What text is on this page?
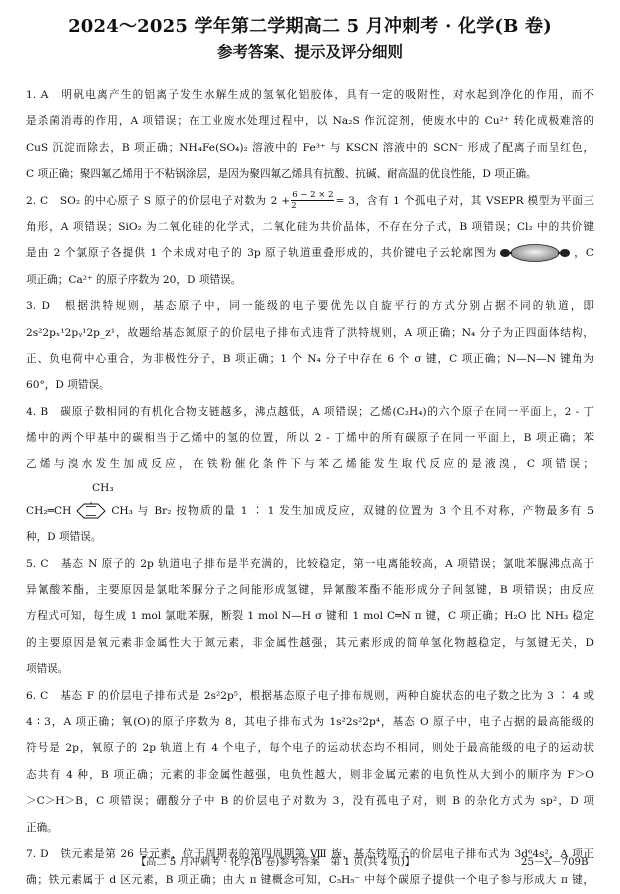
2024～2025 学年第二学期高二 5 月冲刺考 · 化学(B 卷)
参考答案、提示及评分细则
1. A　明矾电离产生的铝离子发生水解生成的氢氧化铝胶体，具有一定的吸附性，对水起到净化的作用，而不
是杀菌消毒的作用，A 项错误；在工业废水处理过程中，以 Na₂S 作沉淀剂，使废水中的 Cu²⁺ 转化成极难溶的
CuS 沉淀而除去，B 项正确；NH₄Fe(SO₄)₂ 溶液中的 Fe³⁺ 与 KSCN 溶液中的 SCN⁻ 形成了配离子而呈红色，
C 项正确；聚四氟乙烯用于不粘锅涂层，是因为聚四氟乙烯具有抗酸、抗碱、耐高温的优良性能，D 项正确。
2. C　SO₂ 的中心原子 S 原子的价层电子对数为 $2 + \frac{6 - 2 \times 2}{2} = 3$，含有 1 个孤电子对，其 VSEPR 模型为平面三
角形，A 项错误；SiO₂ 为二氧化硅的化学式，二氧化硅为共价晶体，不存在分子式，B 项错误；Cl₂ 中的共价键
是由 2 个氯原子各提供 1 个未成对电子的 3p 原子轨道重叠形成的，共价键电子云轮廓图为	，C
项正确；Ca²⁺ 的原子序数为 20，D 项错误。
3. D　根据洪特规则，基态原子中，同一能级的电子要优先以自旋平行的方式分别占据不同的轨道，即
2s²2pₓ¹2pᵧ¹2p_z¹，故题给基态氮原子的价层电子排布式违背了洪特规则，A 项正确；N₄ 分子为正四面体结构，
正、负电荷中心重合，为非极性分子，B 项正确；1 个 N₄ 分子中存在 6 个 σ 键，C 项正确；N—N—N 键角为
60°，D 项错误。
4. B　碳原子数相同的有机化合物支链越多，沸点越低，A 项错误；乙烯(C₂H₄)的六个原子在同一平面上，2 - 丁
烯中的两个甲基中的碳相当于乙烯中的氢的位置，所以 2 - 丁烯中的所有碳原子在同一平面上，B 项正确；苯
乙烯与溴水发生加成反应，在铁粉催化条件下与苯乙烯能发生取代反应的是液溴，C 项错误；
CH₃
CH₂═CH	CH₃ 与 Br₂ 按物质的量 1 ∶ 1 发生加成反应，双键的位置为 3 个且不对称，产物最多有 5
种，D 项错误。
5. C　基态 N 原子的 2p 轨道电子排布是半充满的，比较稳定，第一电离能较高，A 项错误；氯吡苯脲沸点高于
异氰酸苯酯，主要原因是氯吡苯脲分子之间能形成氢键，异氰酸苯酯不能形成分子间氢键，B 项错误；由反应
方程式可知，每生成 1 mol 氯吡苯脲，断裂 1 mol N—H σ 键和 1 mol C═N π 键，C 项正确；H₂O 比 NH₃ 稳定
的主要原因是氧元素非金属性大于氮元素，非金属性越强，其元素形成的简单氢化物越稳定，与氢键无关，D
项错误。
6. C　基态 F 的价层电子排布式是 2s²2p⁵，根据基态原子电子排布规则，两种自旋状态的电子数之比为 3 ∶ 4 或
4 ∶ 3，A 项正确；氧(O)的原子序数为 8，其电子排布式为 1s²2s²2p⁴，基态 O 原子中，电子占据的最高能级的
符号是 2p，氧原子的 2p 轨道上有 4 个电子，每个电子的运动状态均不相同，则处于最高能级的电子的运动状
态共有 4 种，B 项正确；元素的非金属性越强，电负性越大，则非金属元素的电负性从大到小的顺序为 F＞O
＞C＞H＞B，C 项错误；硼酸分子中 B 的价层电子对数为 3，没有孤电子对，则 B 的杂化方式为 sp²，D 项
正确。
7. D　铁元素是第 26 号元素，位于周期表的第四周期第 Ⅷ 族，基态铁原子的价层电子排布式为 3d⁶4s²，A 项正
确；铁元素属于 d 区元素，B 项正确；由大 π 键概念可知，C₅H₅⁻ 中每个碳原子提供一个电子参与形成大 π 键，
【高二 5 月冲刺考 · 化学(B 卷)参考答案　第 1 页(共 4 页)】	25－X－709B
